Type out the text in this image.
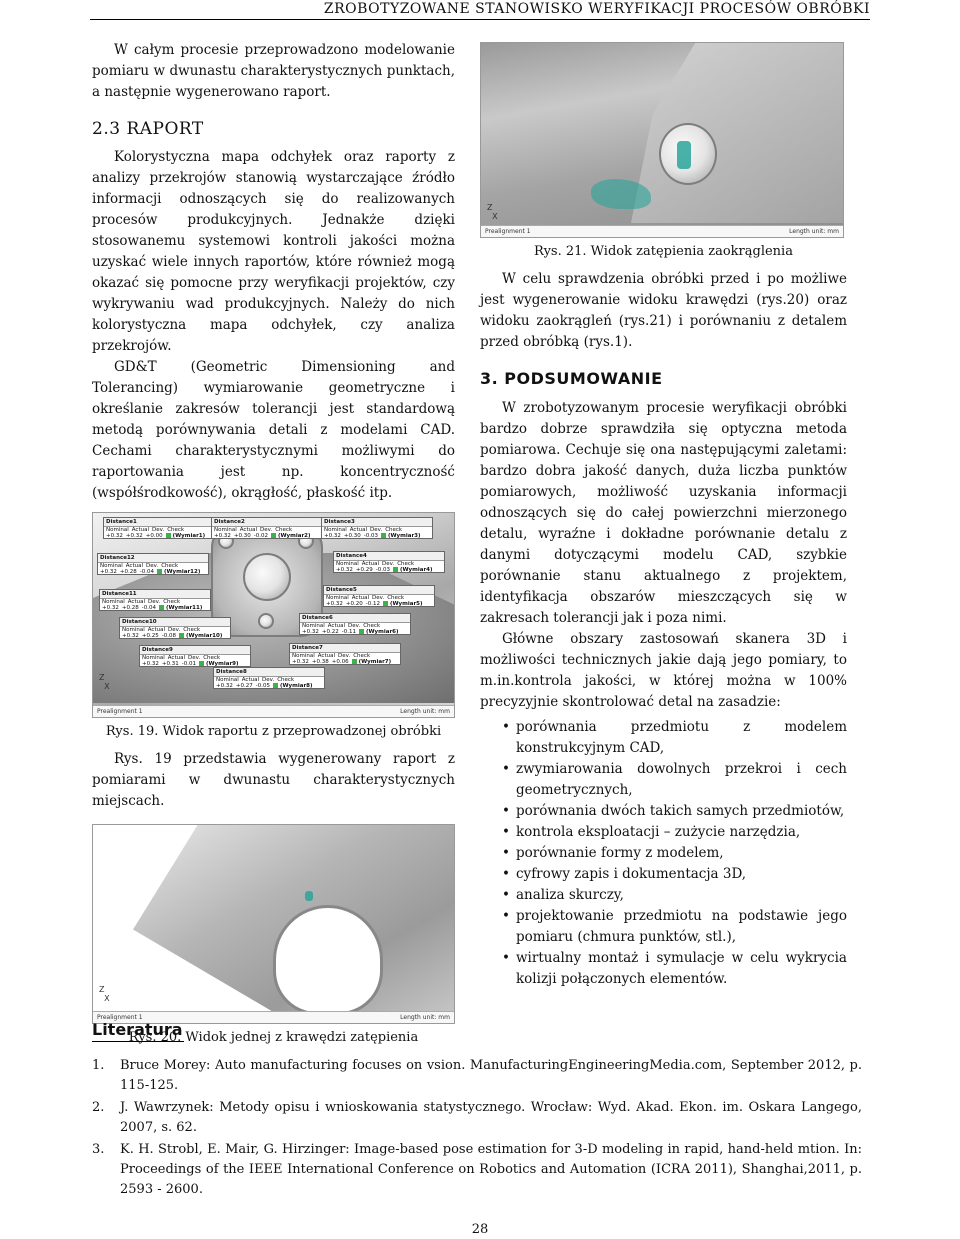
ZROBOTYZOWANE STANOWISKO WERYFIKACJI PROCESÓW OBRÓBKI

W całym procesie przeprowadzono modelowanie pomiaru w dwunastu charakterystycznych punktach, a następnie wygenerowano raport.

2.3 RAPORT

Kolorystyczna mapa odchyłek oraz raporty z analizy przekrojów stanowią wystarczające źródło informacji odnoszących się do realizowanych procesów produkcyjnych. Jednakże dzięki stosowanemu systemowi kontroli jakości można uzyskać wiele innych raportów, które również mogą okazać się pomocne przy weryfikacji projektów, czy wykrywaniu wad produkcyjnych. Należy do nich kolorystyczna mapa odchyłek, czy analiza przekrojów.

GD&T (Geometric Dimensioning and Tolerancing) wymiarowanie geometryczne i określanie zakresów tolerancji jest standardową metodą porównywania detali z modelami CAD. Cechami charakterystycznymi możliwymi do raportowania jest np. koncentryczność (współśrodkowość), okrągłość, płaskość itp.

Distance1
Nominal Actual Dev. Check
+0.32 +0.32 +0.00	(Wymiar1)
Distance2
Nominal Actual Dev. Check
+0.32 +0.30 -0.02	(Wymiar2)
Distance3
Nominal Actual Dev. Check
+0.32 +0.30 -0.03	(Wymiar3)
Distance12
Nominal Actual Dev. Check
+0.32 +0.28 -0.04	(Wymiar12)
Distance4
Nominal Actual Dev. Check
+0.32 +0.29 -0.03	(Wymiar4)
Distance11
Nominal Actual Dev. Check
+0.32 +0.28 -0.04	(Wymiar11)
Distance5
Nominal Actual Dev. Check
+0.32 +0.20 -0.12	(Wymiar5)
Distance10
Nominal Actual Dev. Check
+0.32 +0.25 -0.08	(Wymiar10)
Distance6
Nominal Actual Dev. Check
+0.32 +0.22 -0.11	(Wymiar6)
Distance9
Nominal Actual Dev. Check
+0.32 +0.31 -0.01	(Wymiar9)
Distance7
Nominal Actual Dev. Check
+0.32 +0.38 +0.06	(Wymiar7)
Distance8
Nominal Actual Dev. Check
+0.32 +0.27 -0.05	(Wymiar8)
Z
X
Prealignment 1	Length unit: mm
Rys. 19. Widok raportu z przeprowadzonej obróbki

Rys. 19 przedstawia wygenerowany raport z pomiarami w dwunastu charakterystycznych miejscach.

Z
X
Prealignment 1	Length unit: mm
Rys. 20. Widok jednej z krawędzi zatępienia
Z
X
Prealignment 1	Length unit: mm
Rys. 21. Widok zatępienia zaokrąglenia

W celu sprawdzenia obróbki przed i po możliwe jest wygenerowanie widoku krawędzi (rys.20) oraz widoku zaokrągleń (rys.21) i porównaniu z detalem przed obróbką (rys.1).

3. PODSUMOWANIE

W zrobotyzowanym procesie weryfikacji obróbki bardzo dobrze sprawdziła się optyczna metoda pomiarowa. Cechuje się ona następującymi zaletami: bardzo dobra jakość danych, duża liczba punktów pomiarowych, możliwość uzyskania informacji odnoszących się do całej powierzchni mierzonego detalu, wyraźne i dokładne porównanie detalu z danymi dotyczącymi modelu CAD, szybkie porównanie stanu aktualnego z projektem, identyfikacja obszarów mieszczących się w zakresach tolerancji jak i poza nimi.

Główne obszary zastosowań skanera 3D i możliwości technicznych jakie dają jego pomiary, to m.in.kontrola jakości, w której można w 100% precyzyjnie skontrolować detal na zasadzie:

• porównania przedmiotu z modelem konstrukcyjnym CAD,
• zwymiarowania dowolnych przekroi i cech geometrycznych,
• porównania dwóch takich samych przedmiotów,
• kontrola eksploatacji – zużycie narzędzia,
• porównanie formy z modelem,
• cyfrowy zapis i dokumentacja 3D,
• analiza skurczy,
• projektowanie przedmiotu na podstawie jego pomiaru (chmura punktów, stl.),
• wirtualny montaż i symulacje w celu wykrycia kolizji połączonych elementów.
Literatura
1. Bruce Morey: Auto manufacturing focuses on vsion. ManufacturingEngineeringMedia.com, September 2012, p. 115-125.
2. J. Wawrzynek: Metody opisu i wnioskowania statystycznego. Wrocław: Wyd. Akad. Ekon. im. Oskara Langego, 2007, s. 62.
3. K. H. Strobl, E. Mair, G. Hirzinger: Image-based pose estimation for 3-D modeling in rapid, hand-held mtion. In: Proceedings of the IEEE International Conference on Robotics and Automation (ICRA 2011), Shanghai,2011, p. 2593 - 2600.
28
